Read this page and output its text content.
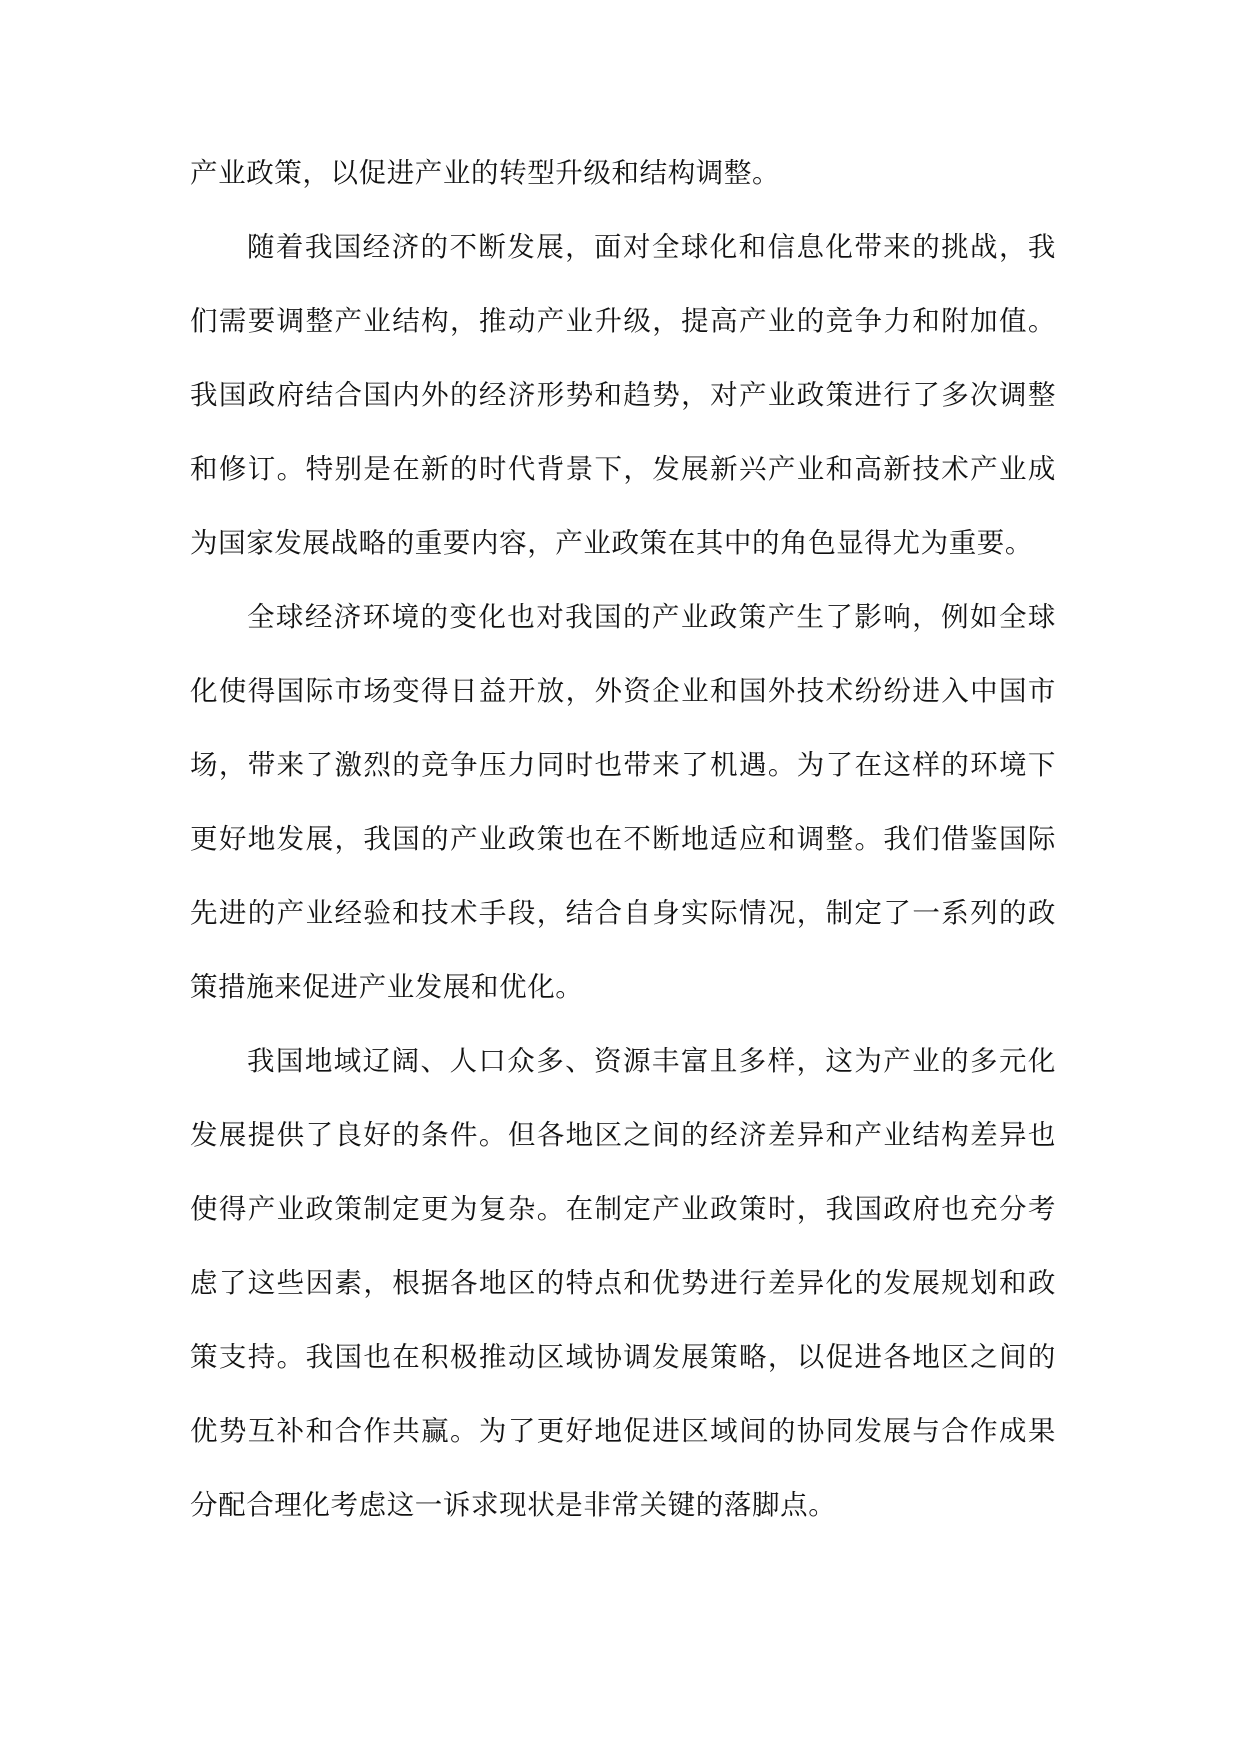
产业政策，以促进产业的转型升级和结构调整。

随着我国经济的不断发展，面对全球化和信息化带来的挑战，我们需要调整产业结构，推动产业升级，提高产业的竞争力和附加值。我国政府结合国内外的经济形势和趋势，对产业政策进行了多次调整和修订。特别是在新的时代背景下，发展新兴产业和高新技术产业成为国家发展战略的重要内容，产业政策在其中的角色显得尤为重要。

全球经济环境的变化也对我国的产业政策产生了影响，例如全球化使得国际市场变得日益开放，外资企业和国外技术纷纷进入中国市场，带来了激烈的竞争压力同时也带来了机遇。为了在这样的环境下更好地发展，我国的产业政策也在不断地适应和调整。我们借鉴国际先进的产业经验和技术手段，结合自身实际情况，制定了一系列的政策措施来促进产业发展和优化。

我国地域辽阔、人口众多、资源丰富且多样，这为产业的多元化发展提供了良好的条件。但各地区之间的经济差异和产业结构差异也使得产业政策制定更为复杂。在制定产业政策时，我国政府也充分考虑了这些因素，根据各地区的特点和优势进行差异化的发展规划和政策支持。我国也在积极推动区域协调发展策略，以促进各地区之间的优势互补和合作共赢。为了更好地促进区域间的协同发展与合作成果分配合理化考虑这一诉求现状是非常关键的落脚点。
